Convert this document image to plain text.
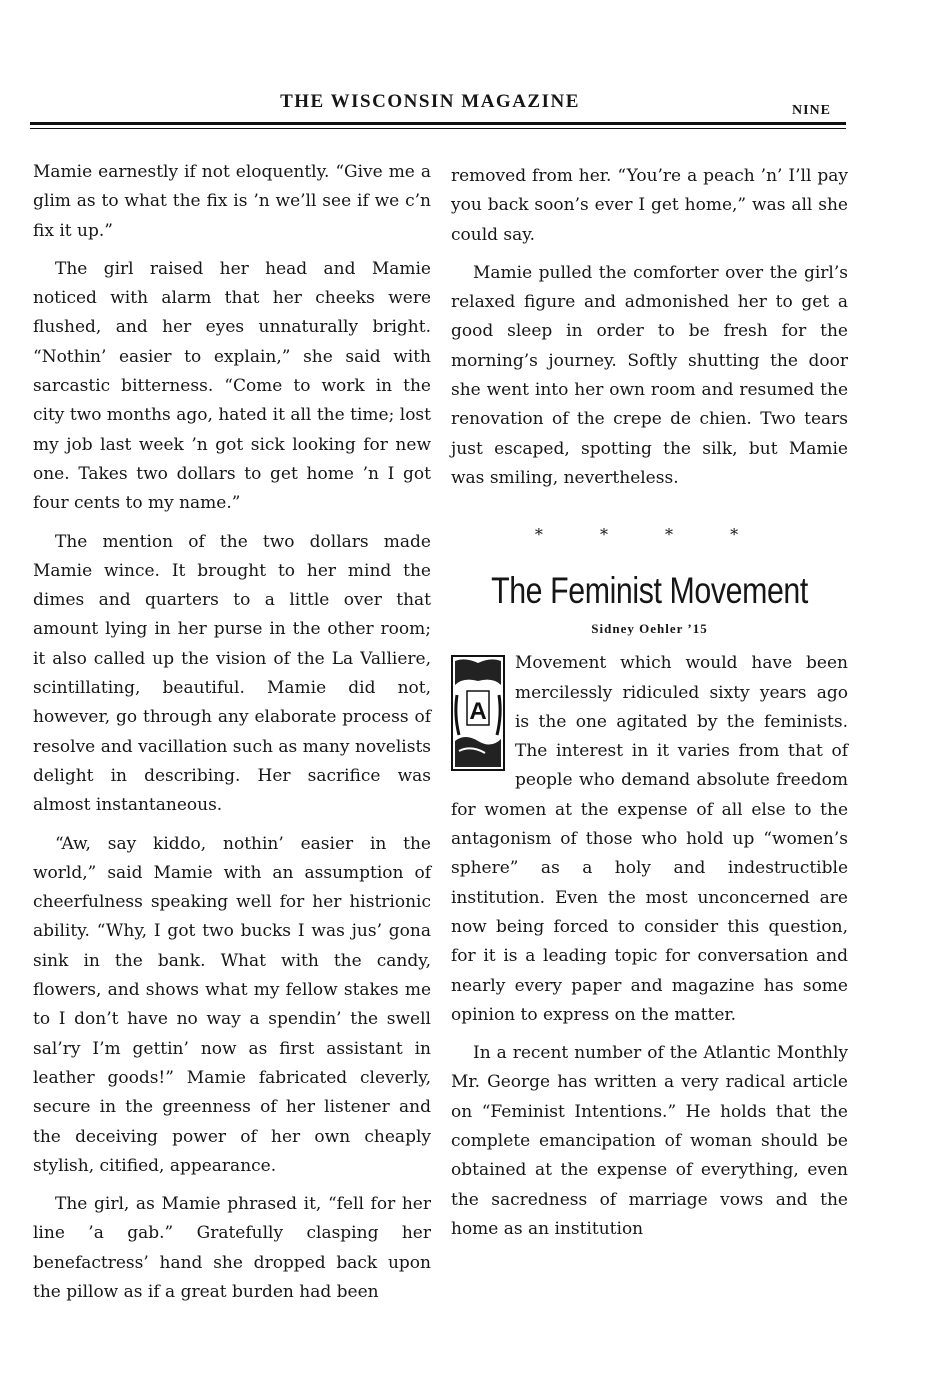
THE WISCONSIN MAGAZINE	NINE

Mamie earnestly if not eloquently. “Give me a glim as to what the fix is ’n we’ll see if we c’n fix it up.”

The girl raised her head and Mamie noticed with alarm that her cheeks were flushed, and her eyes unnaturally bright. “Nothin’ easier to explain,” she said with sarcastic bitterness. “Come to work in the city two months ago, hated it all the time; lost my job last week ’n got sick looking for new one. Takes two dollars to get home ’n I got four cents to my name.”

The mention of the two dollars made Mamie wince. It brought to her mind the dimes and quarters to a little over that amount lying in her purse in the other room; it also called up the vision of the La Valliere, scintillating, beautiful. Mamie did not, however, go through any elaborate process of resolve and vacillation such as many novelists delight in describing. Her sacrifice was almost instantaneous.

“Aw, say kiddo, nothin’ easier in the world,” said Mamie with an assumption of cheerfulness speaking well for her histrionic ability. “Why, I got two bucks I was jus’ gona sink in the bank. What with the candy, flowers, and shows what my fellow stakes me to I don’t have no way a spendin’ the swell sal’ry I’m gettin’ now as first assistant in leather goods!” Mamie fabricated cleverly, secure in the greenness of her listener and the deceiving power of her own cheaply stylish, citified, appearance.

The girl, as Mamie phrased it, “fell for her line ’a gab.” Gratefully clasping her benefactress’ hand she dropped back upon the pillow as if a great burden had been

removed from her. “You’re a peach ’n’ I’ll pay you back soon’s ever I get home,” was all she could say.

Mamie pulled the comforter over the girl’s relaxed figure and admonished her to get a good sleep in order to be fresh for the morning’s journey. Softly shutting the door she went into her own room and resumed the renovation of the crepe de chien. Two tears just escaped, spotting the silk, but Mamie was smiling, nevertheless.

* * * *
The Feminist Movement
Sidney Oehler ’15
A

Movement which would have been mercilessly ridiculed sixty years ago is the one agitated by the feminists. The interest in it varies from that of people who demand absolute freedom for women at the expense of all else to the antagonism of those who hold up “women’s sphere” as a holy and indestructible institution. Even the most unconcerned are now being forced to consider this question, for it is a leading topic for conversation and nearly every paper and magazine has some opinion to express on the matter.

In a recent number of the Atlantic Monthly Mr. George has written a very radical article on “Feminist Intentions.” He holds that the complete emancipation of woman should be obtained at the expense of everything, even the sacredness of marriage vows and the home as an institution
